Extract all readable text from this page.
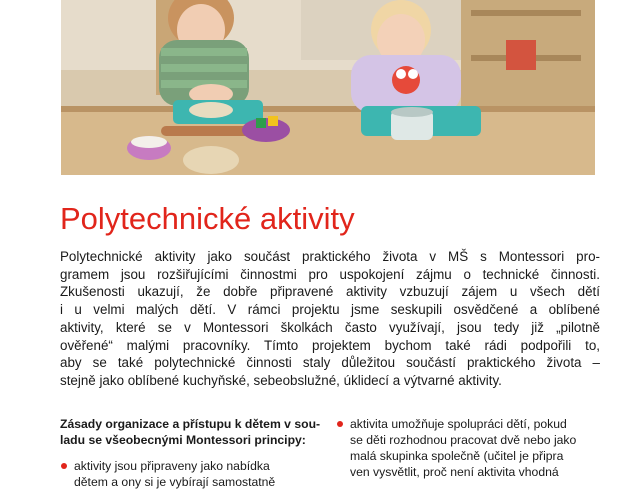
Polytechnické aktivity
Polytechnické aktivity jako součást praktického života v MŠ s Montessori pro-
gramem jsou rozšiřujícími činnostmi pro uspokojení zájmu o technické činnosti.
Zkušenosti ukazují, že dobře připravené aktivity vzbuzují zájem u všech dětí
i u velmi malých dětí. V rámci projektu jsme seskupili osvědčené a oblíbené
aktivity, které se v Montessori školkách často využívají, jsou tedy již „pilotně
ověřené“ malými pracovníky. Tímto projektem bychom také rádi podpořili to,
aby se také polytechnické činnosti staly důležitou součástí praktického života –
stejně jako oblíbené kuchyňské, sebeobslužné, úklidecí a výtvarné aktivity.
Zásady organizace a přístupu k dětem v sou-
ladu se všeobecnými Montessori principy:
aktivity jsou připraveny jako nabídka
dětem a ony si je vybírají samostatně
aktivita umožňuje spolupráci dětí, pokud
se děti rozhodnou pracovat dvě nebo jako
malá skupinka společně (učitel je připra
ven vysvětlit, proč není aktivita vhodná
